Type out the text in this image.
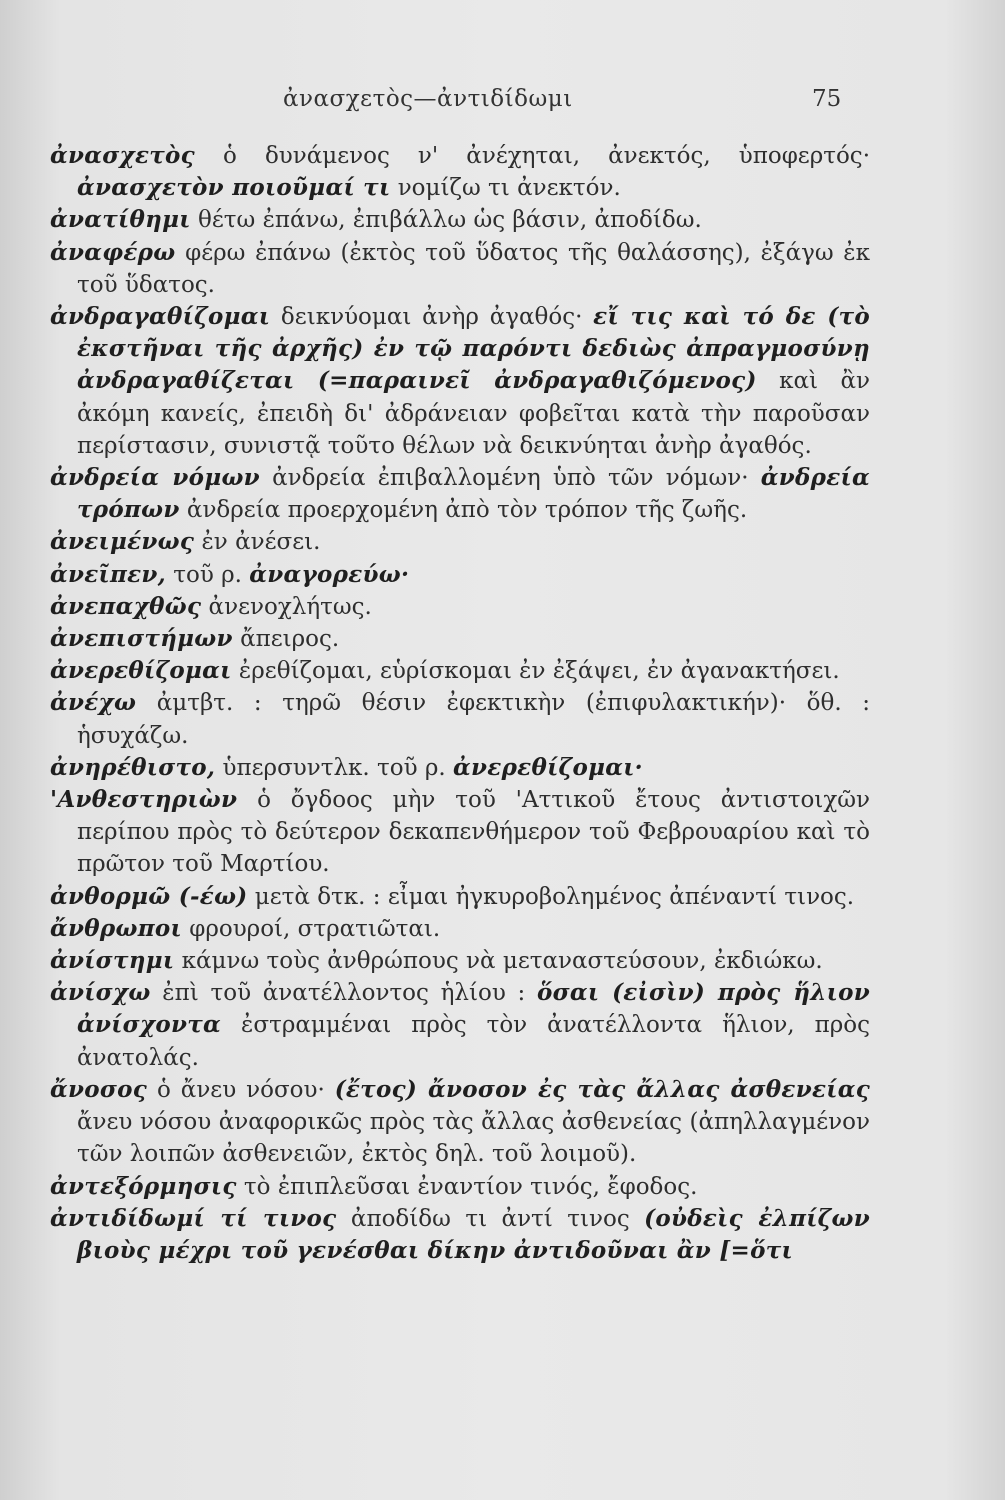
ἀνασχετὸς—ἀντιδίδωμι	75

ἀνασχετὸς ὁ δυνάμενος ν' ἀνέχηται, ἀνεκτός, ὑποφερτός· ἀνασχετὸν ποιοῦμαί τι νομίζω τι ἀνεκτόν.

ἀνατίθημι θέτω ἐπάνω, ἐπιβάλλω ὡς βάσιν, ἀποδίδω.

ἀναφέρω φέρω ἐπάνω (ἐκτὸς τοῦ ὕδατος τῆς θαλάσσης), ἐξάγω ἐκ τοῦ ὕδατος.

ἀνδραγαθίζομαι δεικνύομαι ἀνὴρ ἀγαθός· εἴ τις καὶ τό δε (τὸ ἐκστῆναι τῆς ἀρχῆς) ἐν τῷ παρόντι δεδιὼς ἀπραγμοσύνῃ ἀνδραγαθίζεται (=παραινεῖ ἀνδραγαθιζόμενος) καὶ ἂν ἀκόμη κανείς, ἐπειδὴ δι' ἀδράνειαν φοβεῖται κατὰ τὴν παροῦσαν περίστασιν, συνιστᾷ τοῦτο θέλων νὰ δεικνύηται ἀνὴρ ἀγαθός.

ἀνδρεία νόμων ἀνδρεία ἐπιβαλλομένη ὑπὸ τῶν νόμων· ἀνδρεία τρόπων ἀνδρεία προερχομένη ἀπὸ τὸν τρόπον τῆς ζωῆς.

ἀνειμένως ἐν ἀνέσει.

ἀνεῖπεν, τοῦ ρ. ἀναγορεύω·

ἀνεπαχθῶς ἀνενοχλήτως.

ἀνεπιστήμων ἄπειρος.

ἀνερεθίζομαι ἐρεθίζομαι, εὑρίσκομαι ἐν ἐξάψει, ἐν ἀγανακτήσει.

ἀνέχω ἀμτβτ. : τηρῶ θέσιν ἐφεκτικὴν (ἐπιφυλακτικήν)· ὅθ. : ἡσυχάζω.

ἀνηρέθιστο, ὑπερσυντλκ. τοῦ ρ. ἀνερεθίζομαι·

'Ανθεστηριὼν ὁ ὄγδοος μὴν τοῦ 'Αττικοῦ ἔτους ἀντιστοιχῶν περίπου πρὸς τὸ δεύτερον δεκαπενθήμερον τοῦ Φεβρουαρίου καὶ τὸ πρῶτον τοῦ Μαρτίου.

ἀνθορμῶ (-έω) μετὰ δτκ. : εἶμαι ἠγκυροβολημένος ἀπέναντί τινος.

ἄνθρωποι φρουροί, στρατιῶται.

ἀνίστημι κάμνω τοὺς ἀνθρώπους νὰ μεταναστεύσουν, ἐκδιώκω.

ἀνίσχω ἐπὶ τοῦ ἀνατέλλοντος ἡλίου : ὅσαι (εἰσὶν) πρὸς ἥλιον ἀνίσχοντα ἐστραμμέναι πρὸς τὸν ἀνατέλλοντα ἥλιον, πρὸς ἀνατολάς.

ἄνοσος ὁ ἄνευ νόσου· (ἔτος) ἄνοσον ἐς τὰς ἄλλας ἀσθενείας ἄνευ νόσου ἀναφορικῶς πρὸς τὰς ἄλλας ἀσθενείας (ἀπηλλαγμένον τῶν λοιπῶν ἀσθενειῶν, ἐκτὸς δηλ. τοῦ λοιμοῦ).

ἀντεξόρμησις τὸ ἐπιπλεῦσαι ἐναντίον τινός, ἔφοδος.

ἀντιδίδωμί τί τινος ἀποδίδω τι ἀντί τινος (οὐδεὶς ἐλπίζων βιοὺς μέχρι τοῦ γενέσθαι δίκην ἀντιδοῦναι ἂν [=ὅτι
